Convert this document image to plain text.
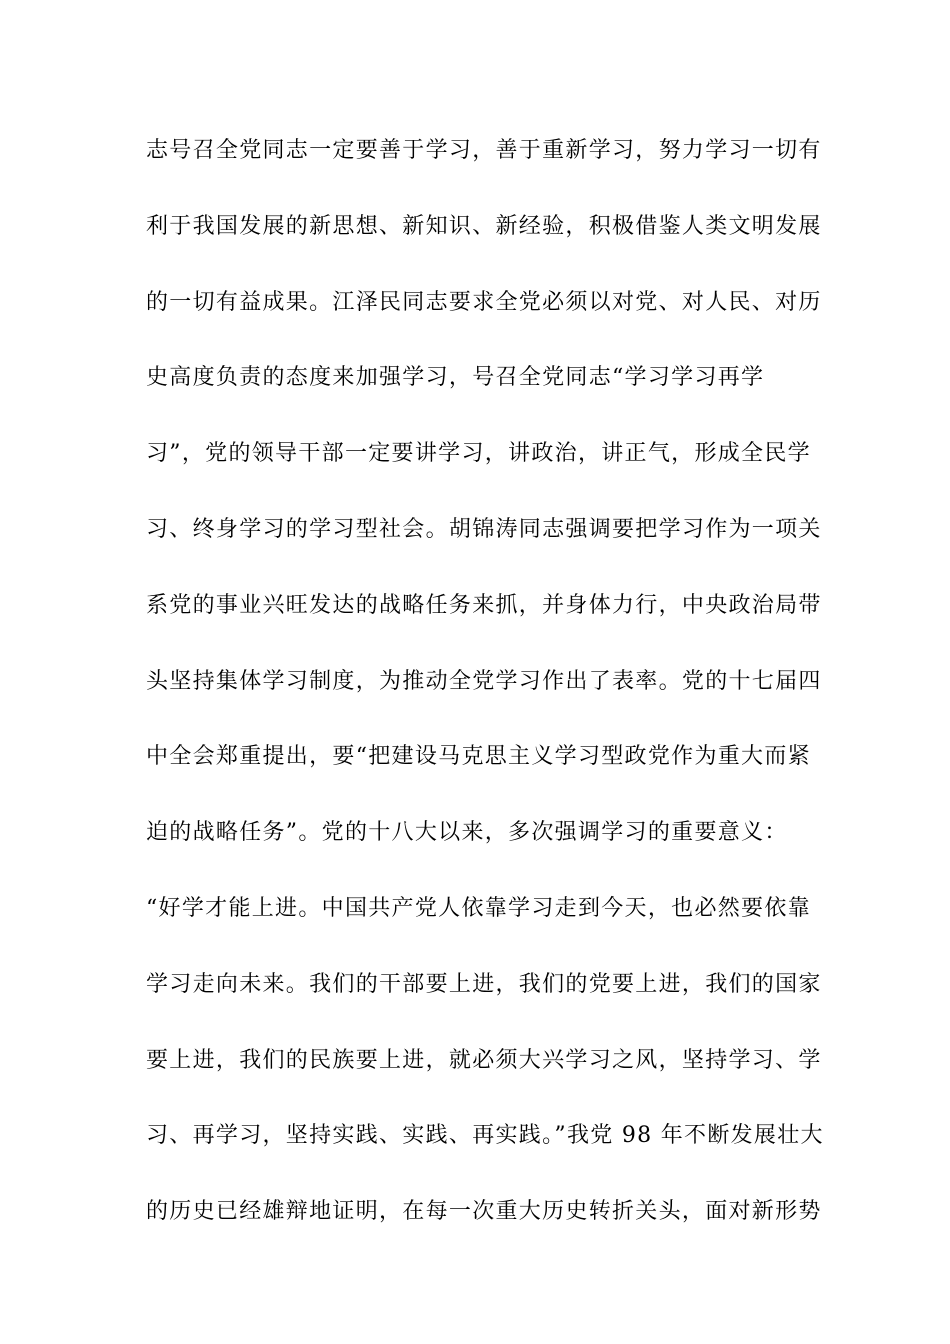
志号召全党同志一定要善于学习，善于重新学习，努力学习一切有
利于我国发展的新思想、新知识、新经验，积极借鉴人类文明发展
的一切有益成果。江泽民同志要求全党必须以对党、对人民、对历
史高度负责的态度来加强学习，号召全党同志“学习学习再学
习”，党的领导干部一定要讲学习，讲政治，讲正气，形成全民学
习、终身学习的学习型社会。胡锦涛同志强调要把学习作为一项关
系党的事业兴旺发达的战略任务来抓，并身体力行，中央政治局带
头坚持集体学习制度，为推动全党学习作出了表率。党的十七届四
中全会郑重提出，要“把建设马克思主义学习型政党作为重大而紧
迫的战略任务”。党的十八大以来，多次强调学习的重要意义：
“好学才能上进。中国共产党人依靠学习走到今天，也必然要依靠
学习走向未来。我们的干部要上进，我们的党要上进，我们的国家
要上进，我们的民族要上进，就必须大兴学习之风，坚持学习、学
习、再学习，坚持实践、实践、再实践。”我党 98 年不断发展壮大
的历史已经雄辩地证明，在每一次重大历史转折关头，面对新形势
